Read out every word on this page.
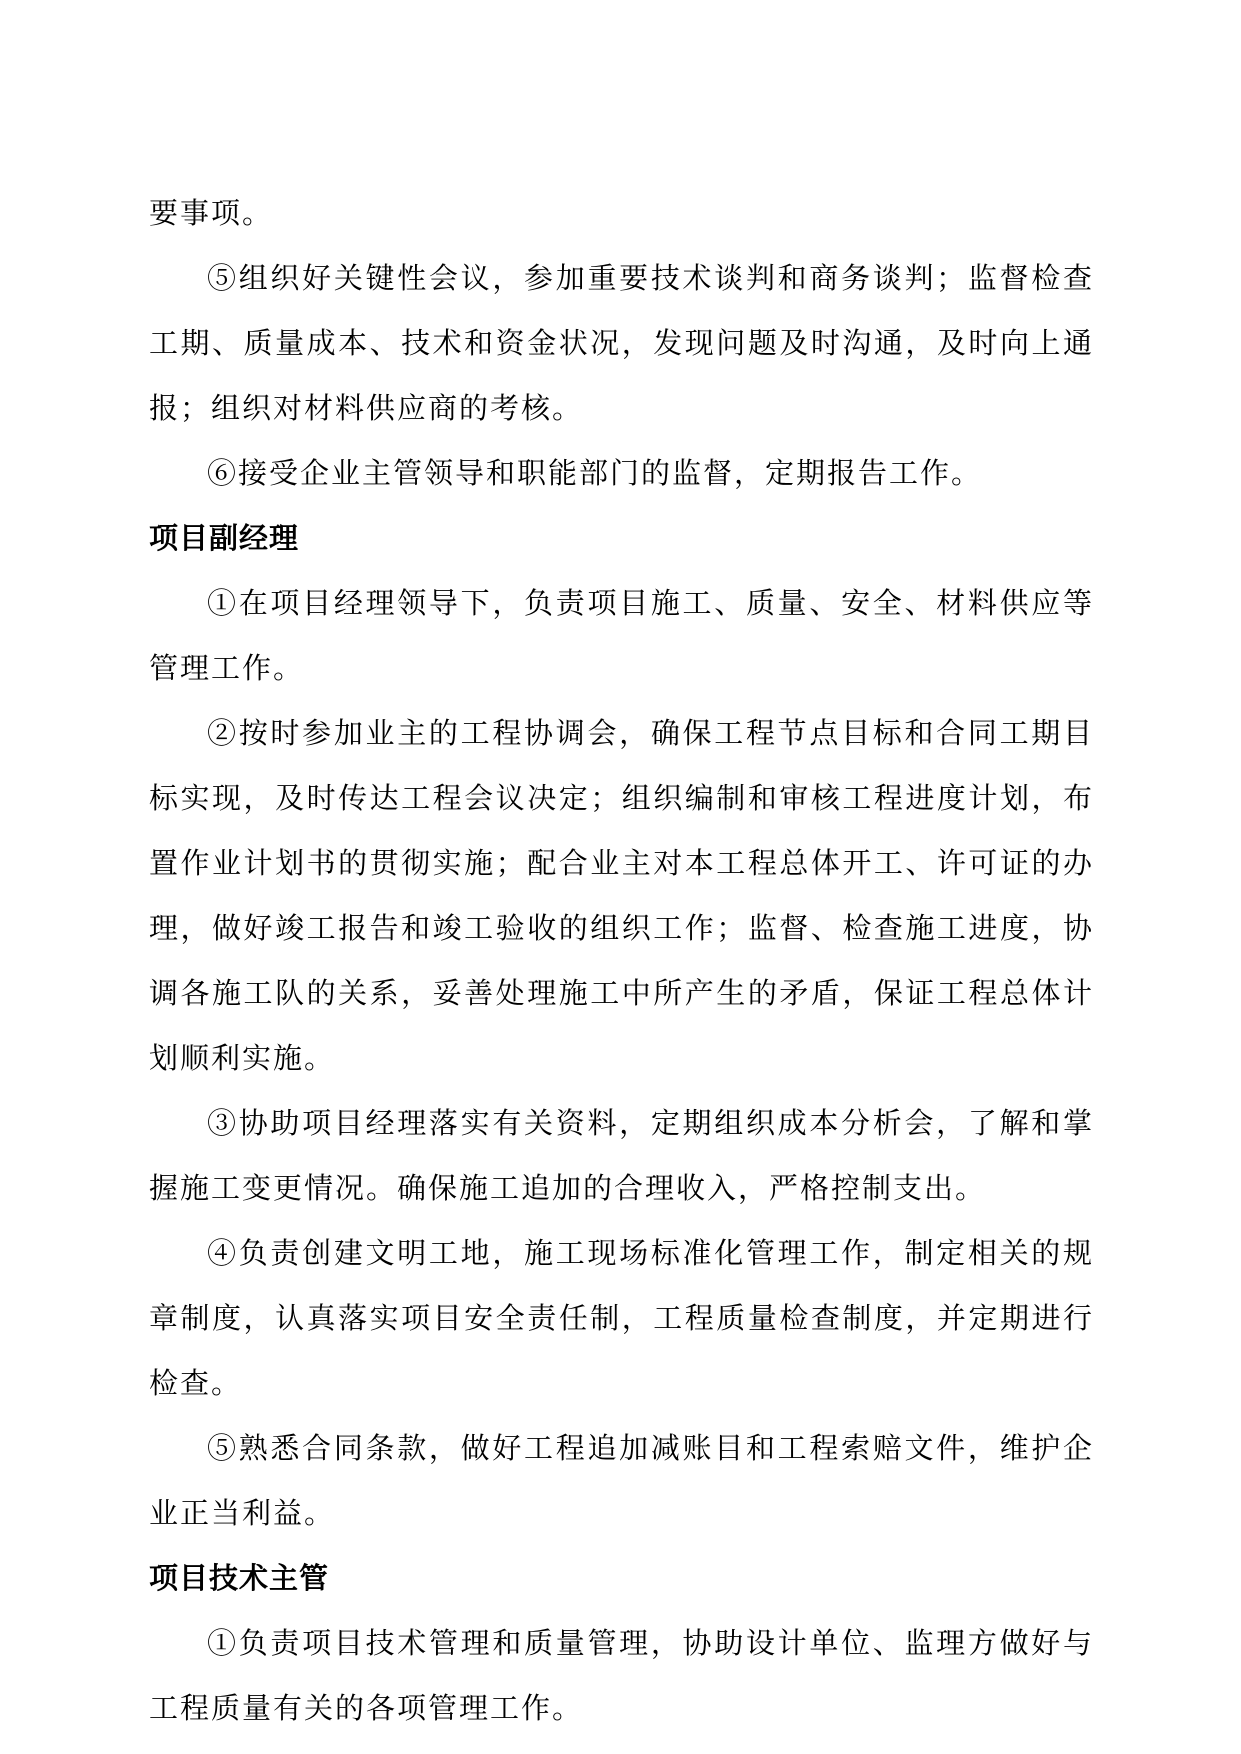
要事项。

⑤组织好关键性会议，参加重要技术谈判和商务谈判；监督检查工期、质量成本、技术和资金状况，发现问题及时沟通，及时向上通报；组织对材料供应商的考核。

⑥接受企业主管领导和职能部门的监督，定期报告工作。

项目副经理

①在项目经理领导下，负责项目施工、质量、安全、材料供应等管理工作。

②按时参加业主的工程协调会，确保工程节点目标和合同工期目标实现，及时传达工程会议决定；组织编制和审核工程进度计划，布置作业计划书的贯彻实施；配合业主对本工程总体开工、许可证的办理，做好竣工报告和竣工验收的组织工作；监督、检查施工进度，协调各施工队的关系，妥善处理施工中所产生的矛盾，保证工程总体计划顺利实施。

③协助项目经理落实有关资料，定期组织成本分析会，了解和掌握施工变更情况。确保施工追加的合理收入，严格控制支出。

④负责创建文明工地，施工现场标准化管理工作，制定相关的规章制度，认真落实项目安全责任制，工程质量检查制度，并定期进行检查。

⑤熟悉合同条款，做好工程追加减账目和工程索赔文件，维护企业正当利益。

项目技术主管

①负责项目技术管理和质量管理，协助设计单位、监理方做好与工程质量有关的各项管理工作。
